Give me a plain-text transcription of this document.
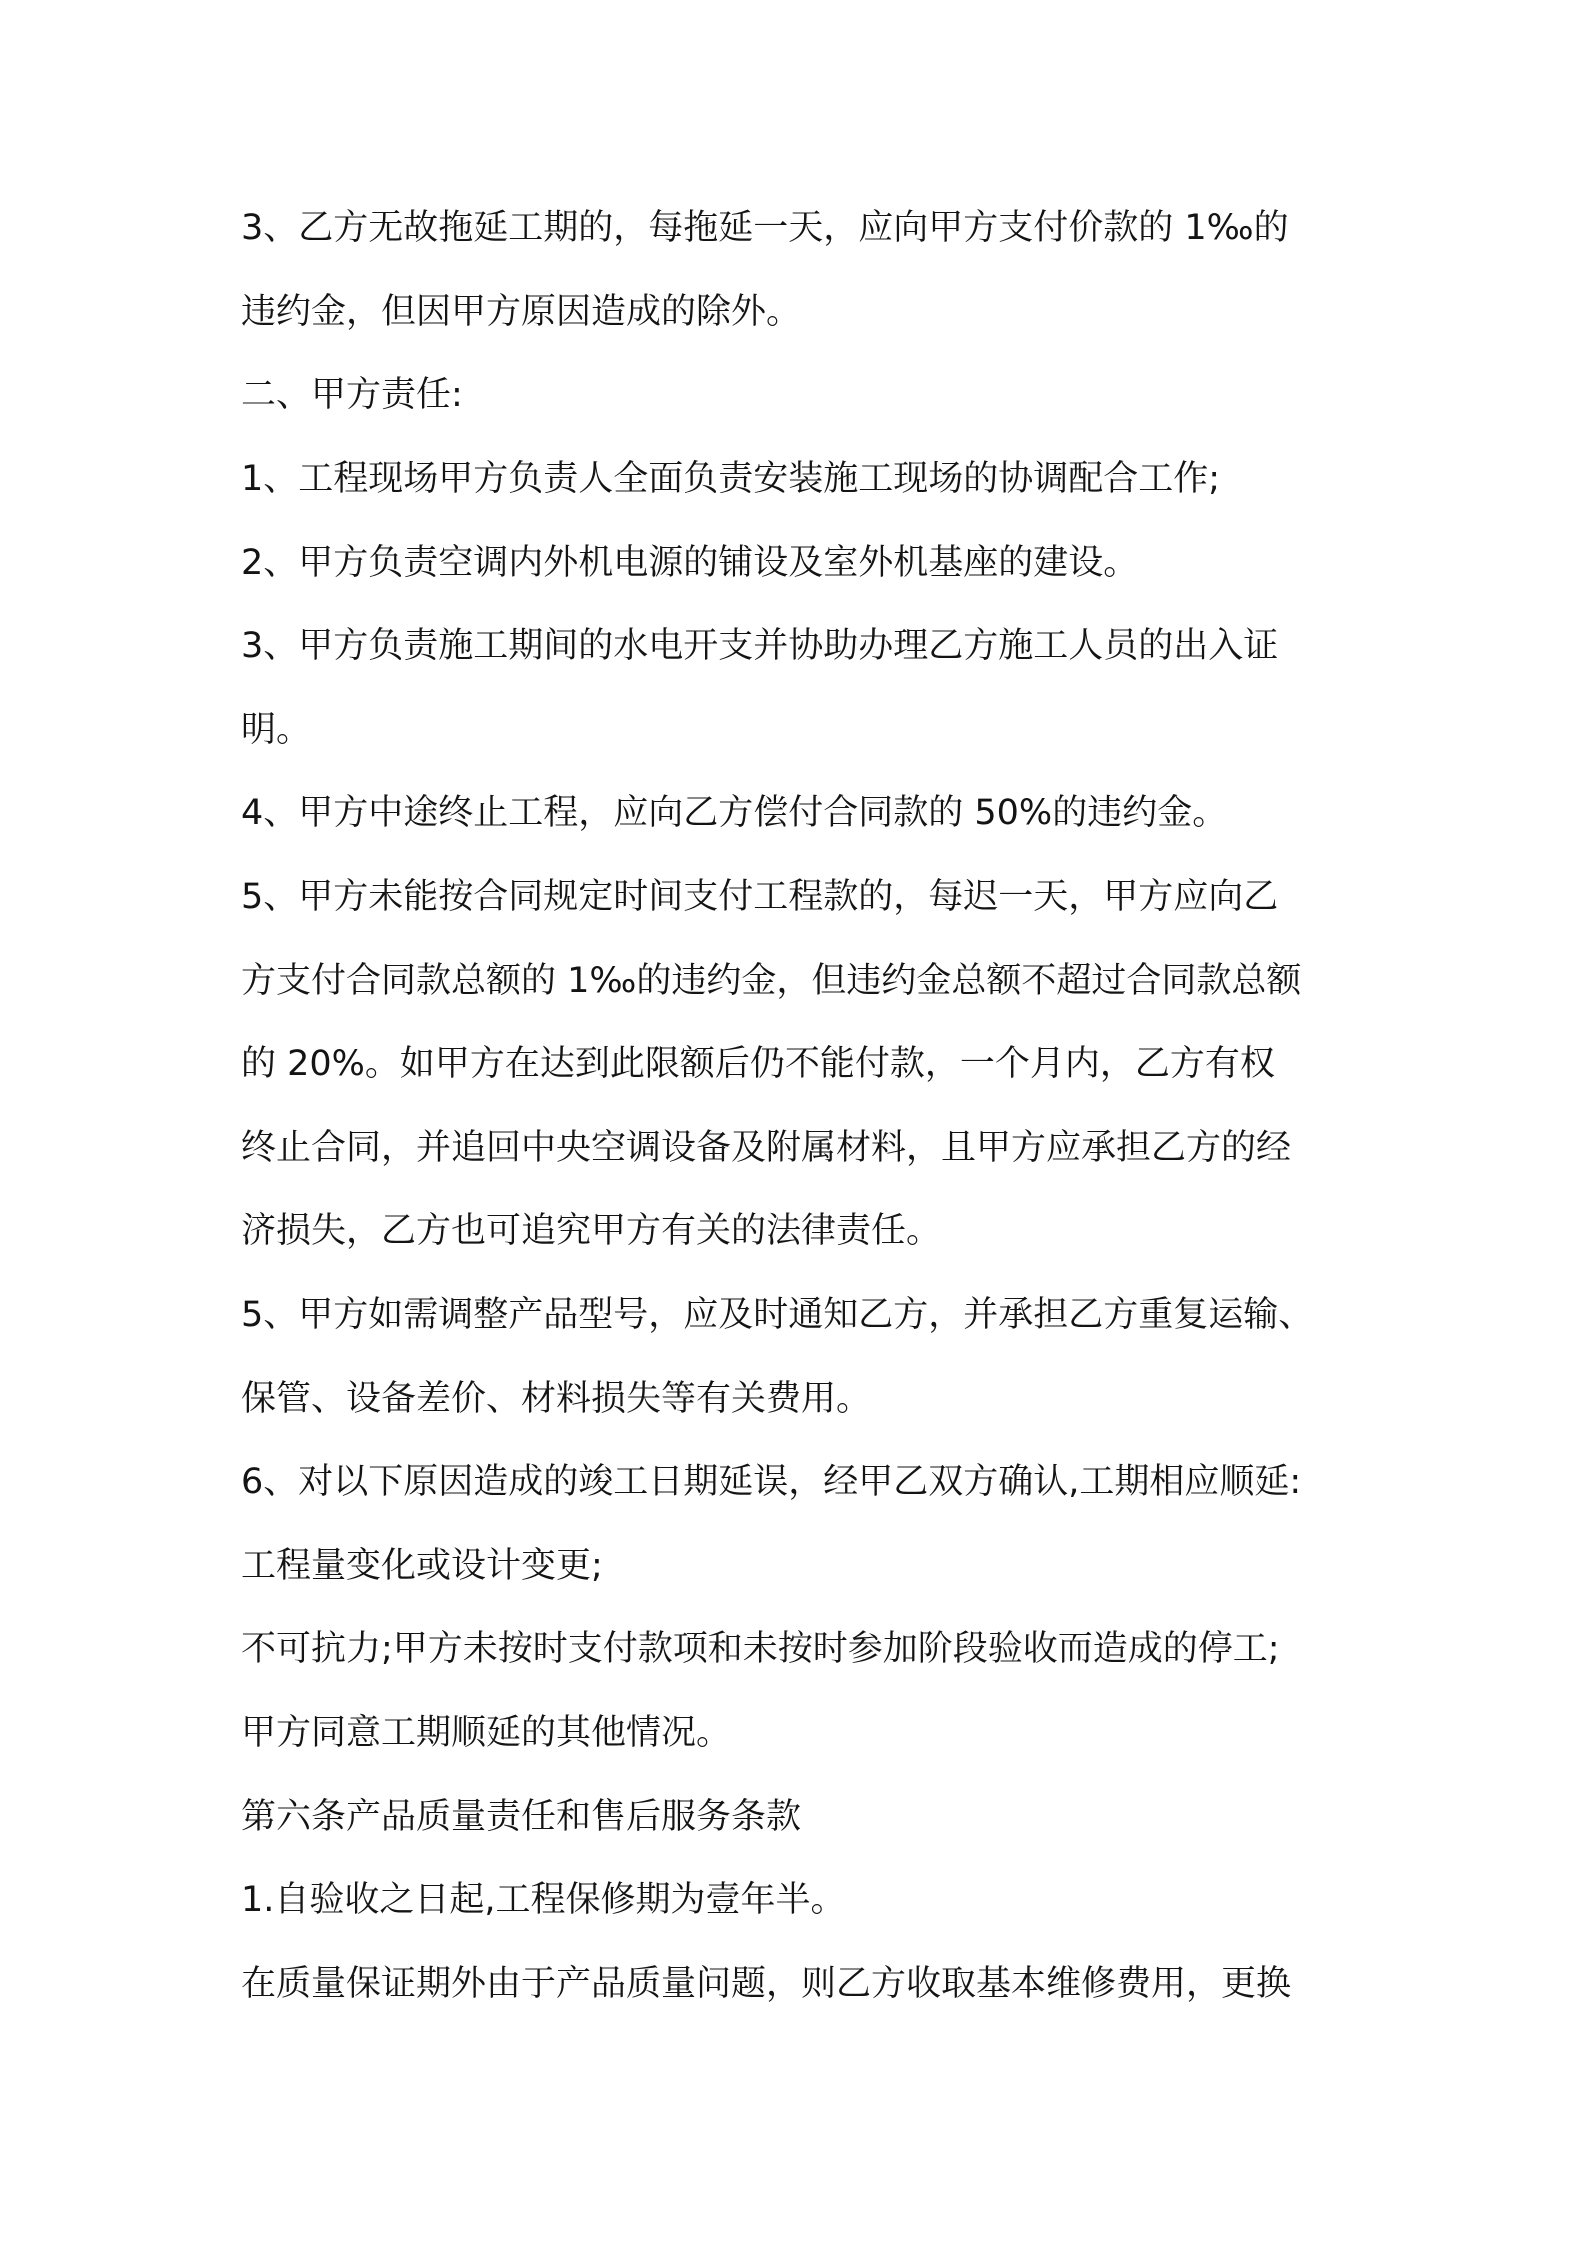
3、乙方无故拖延工期的，每拖延一天，应向甲方支付价款的 1‰的

违约金，但因甲方原因造成的除外。

二、甲方责任:

1、工程现场甲方负责人全面负责安装施工现场的协调配合工作;

2、甲方负责空调内外机电源的铺设及室外机基座的建设。

3、甲方负责施工期间的水电开支并协助办理乙方施工人员的出入证

明。

4、甲方中途终止工程，应向乙方偿付合同款的 50%的违约金。

5、甲方未能按合同规定时间支付工程款的，每迟一天，甲方应向乙

方支付合同款总额的 1‰的违约金，但违约金总额不超过合同款总额

的 20%。如甲方在达到此限额后仍不能付款，一个月内，乙方有权

终止合同，并追回中央空调设备及附属材料，且甲方应承担乙方的经

济损失，乙方也可追究甲方有关的法律责任。

5、甲方如需调整产品型号，应及时通知乙方，并承担乙方重复运输、

保管、设备差价、材料损失等有关费用。

6、对以下原因造成的竣工日期延误，经甲乙双方确认,工期相应顺延:

工程量变化或设计变更;

不可抗力;甲方未按时支付款项和未按时参加阶段验收而造成的停工;

甲方同意工期顺延的其他情况。

第六条产品质量责任和售后服务条款

1.自验收之日起,工程保修期为壹年半。

在质量保证期外由于产品质量问题，则乙方收取基本维修费用，更换
